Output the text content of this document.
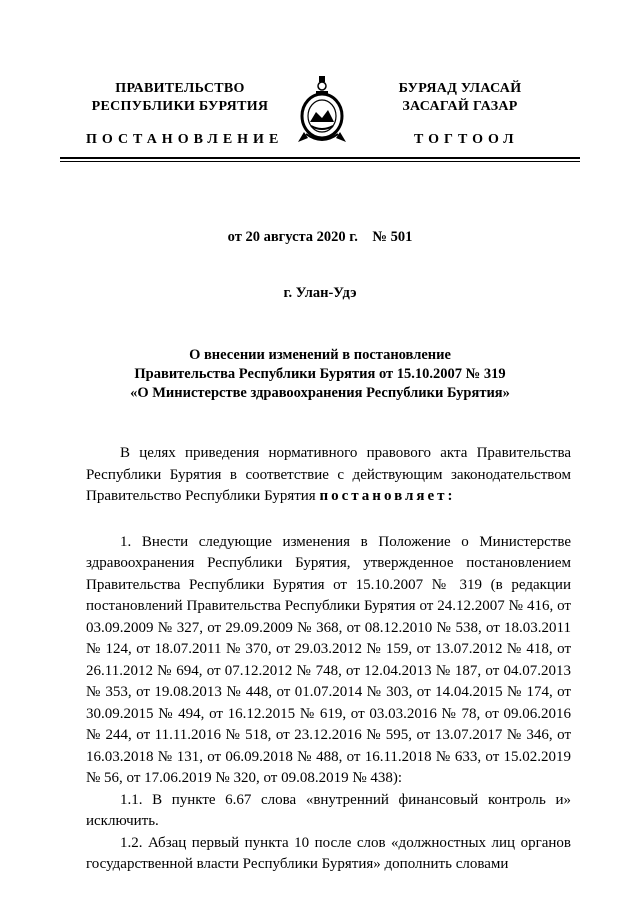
ПРАВИТЕЛЬСТВО
РЕСПУБЛИКИ БУРЯТИЯ
БУРЯАД УЛАСАЙ
ЗАСАГАЙ ГАЗАР
ПОСТАНОВЛЕНИЕ	ТОГТООЛ
от 20 августа 2020 г.    № 501
г. Улан-Удэ
О внесении изменений в постановление
Правительства Республики Бурятия от 15.10.2007 № 319
«О Министерстве здравоохранения Республики Бурятия»

В целях приведения нормативного правового акта Правительства Республики Бурятия в соответствие с действующим законодательством Правительство Республики Бурятия постановляет:

1. Внести следующие изменения в Положение о Министерстве здравоохранения Республики Бурятия, утвержденное постановлением Правительства Республики Бурятия от 15.10.2007 № 319 (в редакции постановлений Правительства Республики Бурятия от 24.12.2007 № 416, от 03.09.2009 № 327, от 29.09.2009 № 368, от 08.12.2010 № 538, от 18.03.2011 № 124, от 18.07.2011 № 370, от 29.03.2012 № 159, от 13.07.2012 № 418, от 26.11.2012 № 694, от 07.12.2012 № 748, от 12.04.2013 № 187, от 04.07.2013 № 353, от 19.08.2013 № 448, от 01.07.2014 № 303, от 14.04.2015 № 174, от 30.09.2015 № 494, от 16.12.2015 № 619, от 03.03.2016 № 78, от 09.06.2016 № 244, от 11.11.2016 № 518, от 23.12.2016 № 595, от 13.07.2017 № 346, от 16.03.2018 № 131, от 06.09.2018 № 488, от 16.11.2018 № 633, от 15.02.2019 № 56, от 17.06.2019 № 320, от 09.08.2019 № 438):

1.1. В пункте 6.67 слова «внутренний финансовый контроль и» исключить.

1.2. Абзац первый пункта 10 после слов «должностных лиц органов государственной власти Республики Бурятия» дополнить словами
